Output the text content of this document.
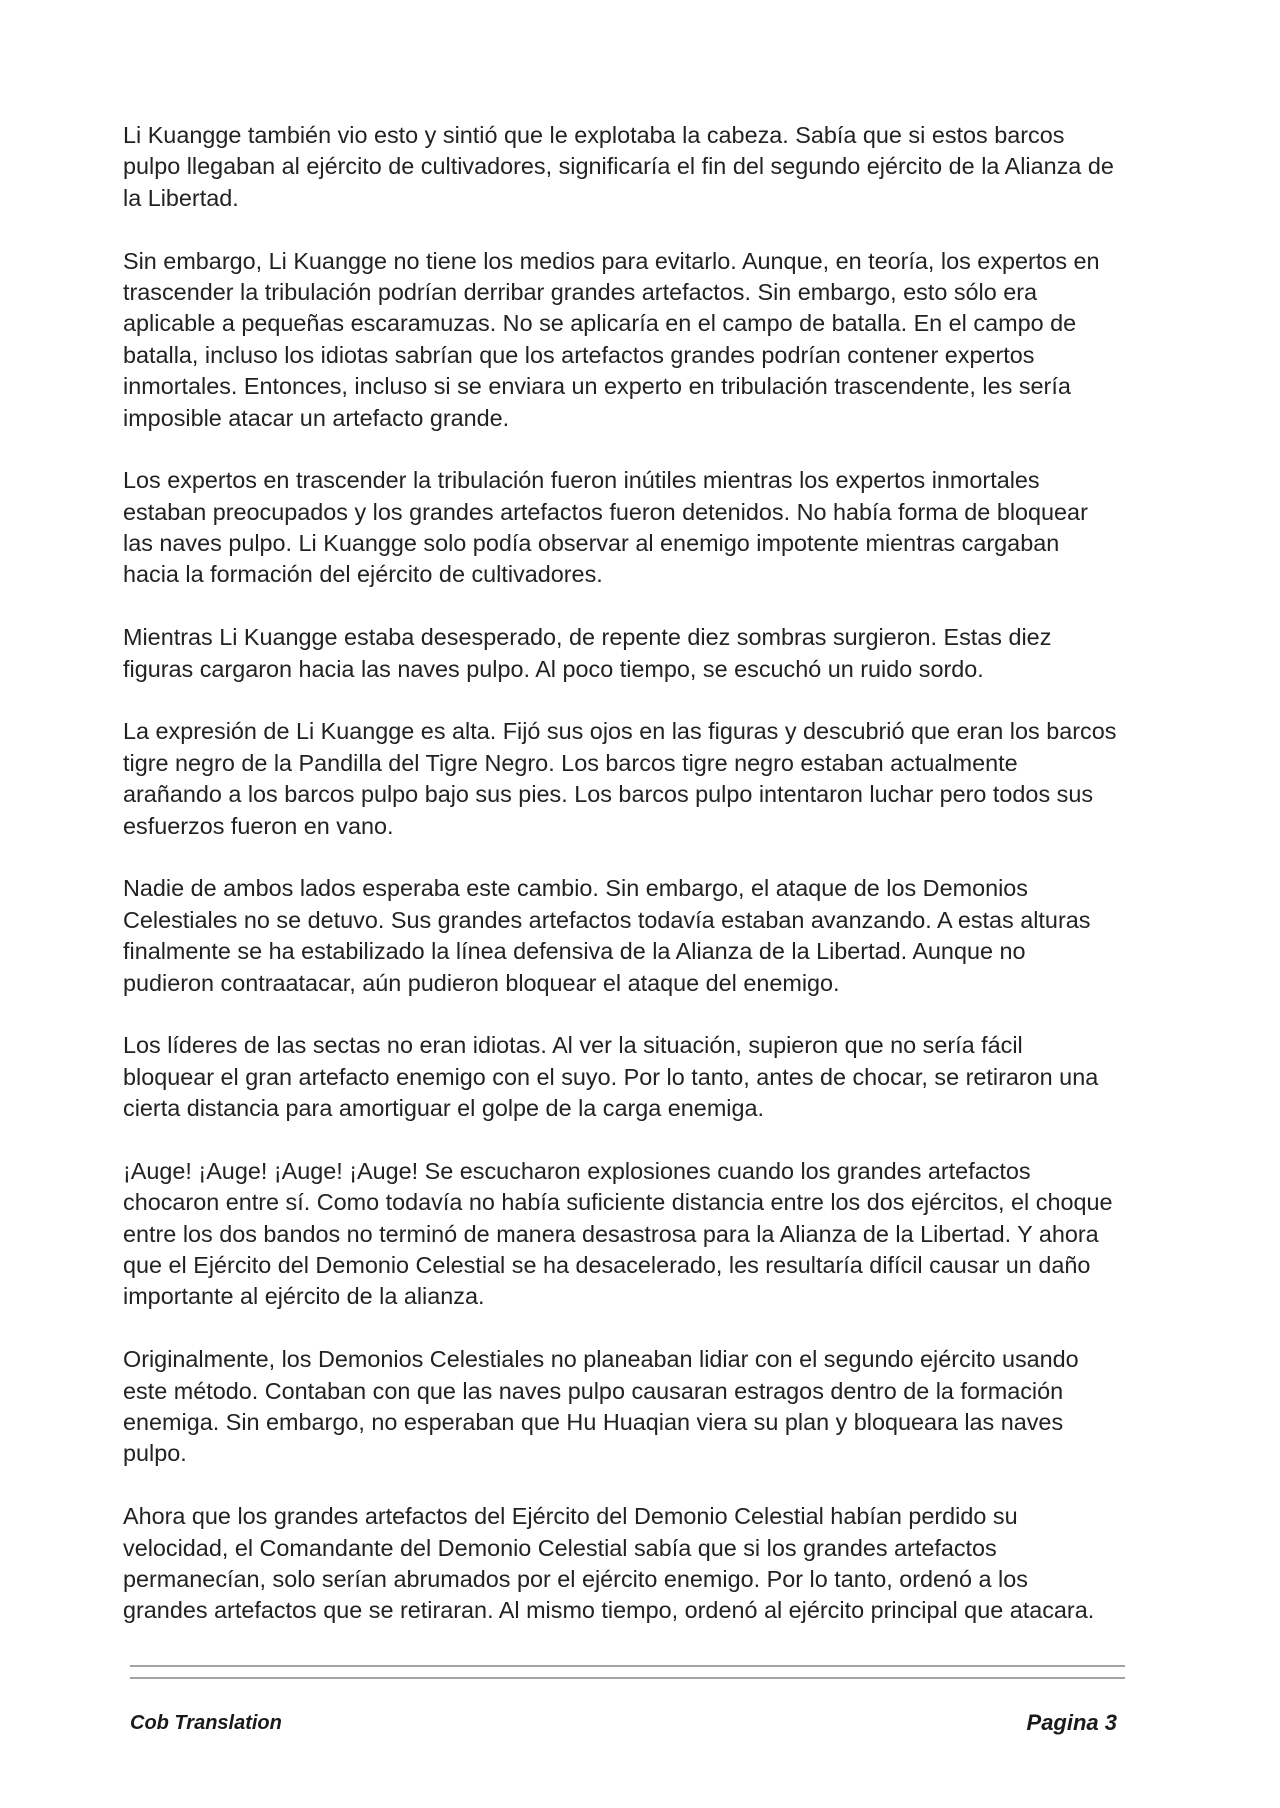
Li Kuangge también vio esto y sintió que le explotaba la cabeza. Sabía que si estos barcos
pulpo llegaban al ejército de cultivadores, significaría el fin del segundo ejército de la Alianza de
la Libertad.

Sin embargo, Li Kuangge no tiene los medios para evitarlo. Aunque, en teoría, los expertos en
trascender la tribulación podrían derribar grandes artefactos. Sin embargo, esto sólo era
aplicable a pequeñas escaramuzas. No se aplicaría en el campo de batalla. En el campo de
batalla, incluso los idiotas sabrían que los artefactos grandes podrían contener expertos
inmortales. Entonces, incluso si se enviara un experto en tribulación trascendente, les sería
imposible atacar un artefacto grande.

Los expertos en trascender la tribulación fueron inútiles mientras los expertos inmortales
estaban preocupados y los grandes artefactos fueron detenidos. No había forma de bloquear
las naves pulpo. Li Kuangge solo podía observar al enemigo impotente mientras cargaban
hacia la formación del ejército de cultivadores.

Mientras Li Kuangge estaba desesperado, de repente diez sombras surgieron. Estas diez
figuras cargaron hacia las naves pulpo. Al poco tiempo, se escuchó un ruido sordo.

La expresión de Li Kuangge es alta. Fijó sus ojos en las figuras y descubrió que eran los barcos
tigre negro de la Pandilla del Tigre Negro. Los barcos tigre negro estaban actualmente
arañando a los barcos pulpo bajo sus pies. Los barcos pulpo intentaron luchar pero todos sus
esfuerzos fueron en vano.

Nadie de ambos lados esperaba este cambio. Sin embargo, el ataque de los Demonios
Celestiales no se detuvo. Sus grandes artefactos todavía estaban avanzando. A estas alturas
finalmente se ha estabilizado la línea defensiva de la Alianza de la Libertad. Aunque no
pudieron contraatacar, aún pudieron bloquear el ataque del enemigo.

Los líderes de las sectas no eran idiotas. Al ver la situación, supieron que no sería fácil
bloquear el gran artefacto enemigo con el suyo. Por lo tanto, antes de chocar, se retiraron una
cierta distancia para amortiguar el golpe de la carga enemiga.

¡Auge! ¡Auge! ¡Auge! ¡Auge! Se escucharon explosiones cuando los grandes artefactos
chocaron entre sí. Como todavía no había suficiente distancia entre los dos ejércitos, el choque
entre los dos bandos no terminó de manera desastrosa para la Alianza de la Libertad. Y ahora
que el Ejército del Demonio Celestial se ha desacelerado, les resultaría difícil causar un daño
importante al ejército de la alianza.

Originalmente, los Demonios Celestiales no planeaban lidiar con el segundo ejército usando
este método. Contaban con que las naves pulpo causaran estragos dentro de la formación
enemiga. Sin embargo, no esperaban que Hu Huaqian viera su plan y bloqueara las naves
pulpo.

Ahora que los grandes artefactos del Ejército del Demonio Celestial habían perdido su
velocidad, el Comandante del Demonio Celestial sabía que si los grandes artefactos
permanecían, solo serían abrumados por el ejército enemigo. Por lo tanto, ordenó a los
grandes artefactos que se retiraran. Al mismo tiempo, ordenó al ejército principal que atacara.

Cob Translation	Pagina 3
